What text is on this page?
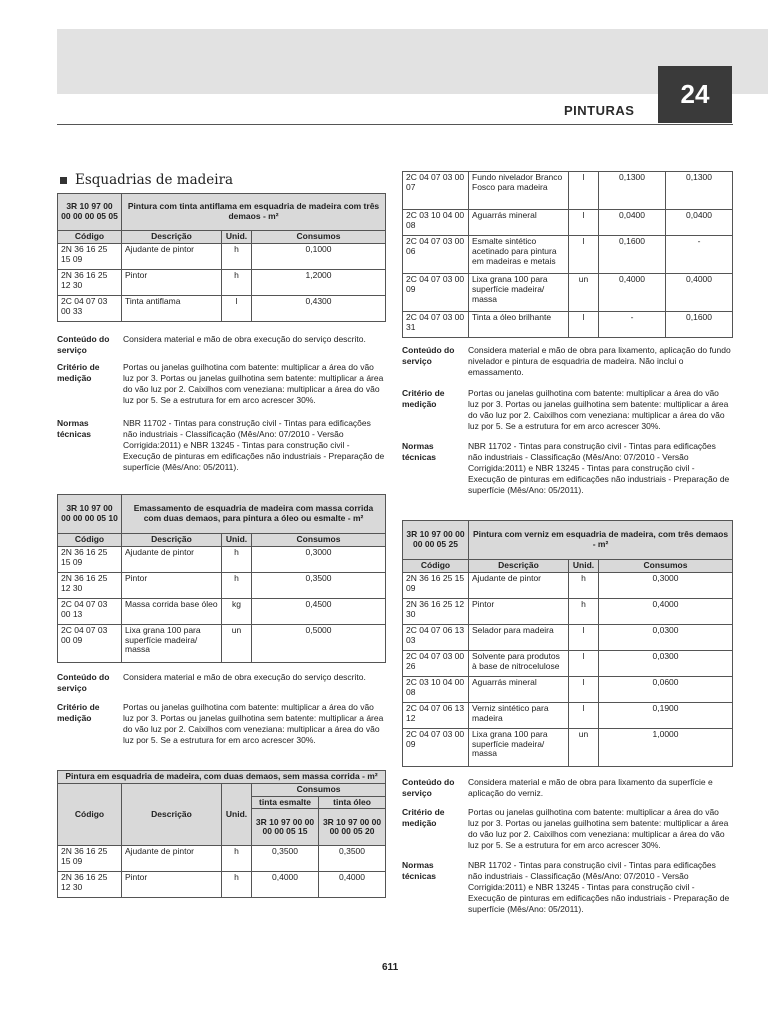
PINTURAS
24
Esquadrias de madeira
3R 10 97 00 00 00 00 05 05	Pintura com tinta antiflama em esquadria de madeira com três demaos - m²		
Código	Descrição	Unid.	Consumos
2N 36 16 25 15 09	Ajudante de pintor	h	0,1000
2N 36 16 25 12 30	Pintor	h	1,2000
2C 04 07 03 00 33	Tinta antiflama	l	0,4300
Conteúdo do serviço
Considera material e mão de obra execução do serviço descrito.
Critério de medição
Portas ou janelas guilhotina com batente: multiplicar a área do vão luz por 3. Portas ou janelas guilhotina sem batente: multiplicar a área do vão luz por 2. Caixilhos com veneziana: multiplicar a área do vão luz por 5. Se a estrutura for em arco acrescer 30%.
Normas técnicas
NBR 11702 - Tintas para construção civil - Tintas para edificações não industriais - Classificação (Mês/Ano: 07/2010 - Versão Corrigida:2011) e NBR 13245 - Tintas para construção civil - Execução de pinturas em edificações não industriais - Preparação de superfície (Mês/Ano: 05/2011).
3R 10 97 00 00 00 00 05 10	Emassamento de esquadria de madeira com massa corrida com duas demaos, para pintura a óleo ou esmalte - m²		
Código	Descrição	Unid.	Consumos
2N 36 16 25 15 09	Ajudante de pintor	h	0,3000
2N 36 16 25 12 30	Pintor	h	0,3500
2C 04 07 03 00 13	Massa corrida base óleo	kg	0,4500
2C 04 07 03 00 09	Lixa grana 100 para superfície madeira/ massa	un	0,5000
Conteúdo do serviço
Considera material e mão de obra execução do serviço descrito.
Critério de medição
Portas ou janelas guilhotina com batente: multiplicar a área do vão luz por 3. Portas ou janelas guilhotina sem batente: multiplicar a área do vão luz por 2. Caixilhos com veneziana: multiplicar a área do vão luz por 5. Se a estrutura for em arco acrescer 30%.
Pintura em esquadria de madeira, com duas demaos, sem massa corrida - m²				
Código	Descrição	Unid.	Consumos	
			tinta esmalte	tinta óleo
			3R 10 97 00 00 00 00 05 15	3R 10 97 00 00 00 00 05 20
2N 36 16 25 15 09	Ajudante de pintor	h	0,3500	0,3500
2N 36 16 25 12 30	Pintor	h	0,4000	0,4000
2C 04 07 03 00 07	Fundo nivelador Branco Fosco para madeira	l	0,1300	0,1300
2C 03 10 04 00 08	Aguarrás mineral	l	0,0400	0,0400
2C 04 07 03 00 06	Esmalte sintético acetinado para pintura em madeiras e metais	l	0,1600	-
2C 04 07 03 00 09	Lixa grana 100 para superfície madeira/ massa	un	0,4000	0,4000
2C 04 07 03 00 31	Tinta a óleo brilhante	l	-	0,1600
Conteúdo do serviço
Considera material e mão de obra para lixamento, aplicação do fundo nivelador e pintura de esquadria de madeira. Não inclui o emassamento.
Critério de medição
Portas ou janelas guilhotina com batente: multiplicar a área do vão luz por 3. Portas ou janelas guilhotina sem batente: multiplicar a área do vão luz por 2. Caixilhos com veneziana: multiplicar a área do vão luz por 5. Se a estrutura for em arco acrescer 30%.
Normas técnicas
NBR 11702 - Tintas para construção civil - Tintas para edificações não industriais - Classificação (Mês/Ano: 07/2010 - Versão Corrigida:2011) e NBR 13245 - Tintas para construção civil - Execução de pinturas em edificações não industriais - Preparação de superfície (Mês/Ano: 05/2011).
3R 10 97 00 00 00 00 05 25	Pintura com verniz em esquadria de madeira, com três demaos - m²		
Código	Descrição	Unid.	Consumos
2N 36 16 25 15 09	Ajudante de pintor	h	0,3000
2N 36 16 25 12 30	Pintor	h	0,4000
2C 04 07 06 13 03	Selador para madeira	l	0,0300
2C 04 07 03 00 26	Solvente para produtos à base de nitrocelulose	l	0,0300
2C 03 10 04 00 08	Aguarrás mineral	l	0,0600
2C 04 07 06 13 12	Verniz sintético para madeira	l	0,1900
2C 04 07 03 00 09	Lixa grana 100 para superfície madeira/ massa	un	1,0000
Conteúdo do serviço
Considera material e mão de obra para lixamento da superfície e aplicação do verniz.
Critério de medição
Portas ou janelas guilhotina com batente: multiplicar a área do vão luz por 3. Portas ou janelas guilhotina sem batente: multiplicar a área do vão luz por 2. Caixilhos com veneziana: multiplicar a área do vão luz por 5. Se a estrutura for em arco acrescer 30%.
Normas técnicas
NBR 11702 - Tintas para construção civil - Tintas para edificações não industriais - Classificação (Mês/Ano: 07/2010 - Versão Corrigida:2011) e NBR 13245 - Tintas para construção civil - Execução de pinturas em edificações não industriais - Preparação de superfície (Mês/Ano: 05/2011).
611
